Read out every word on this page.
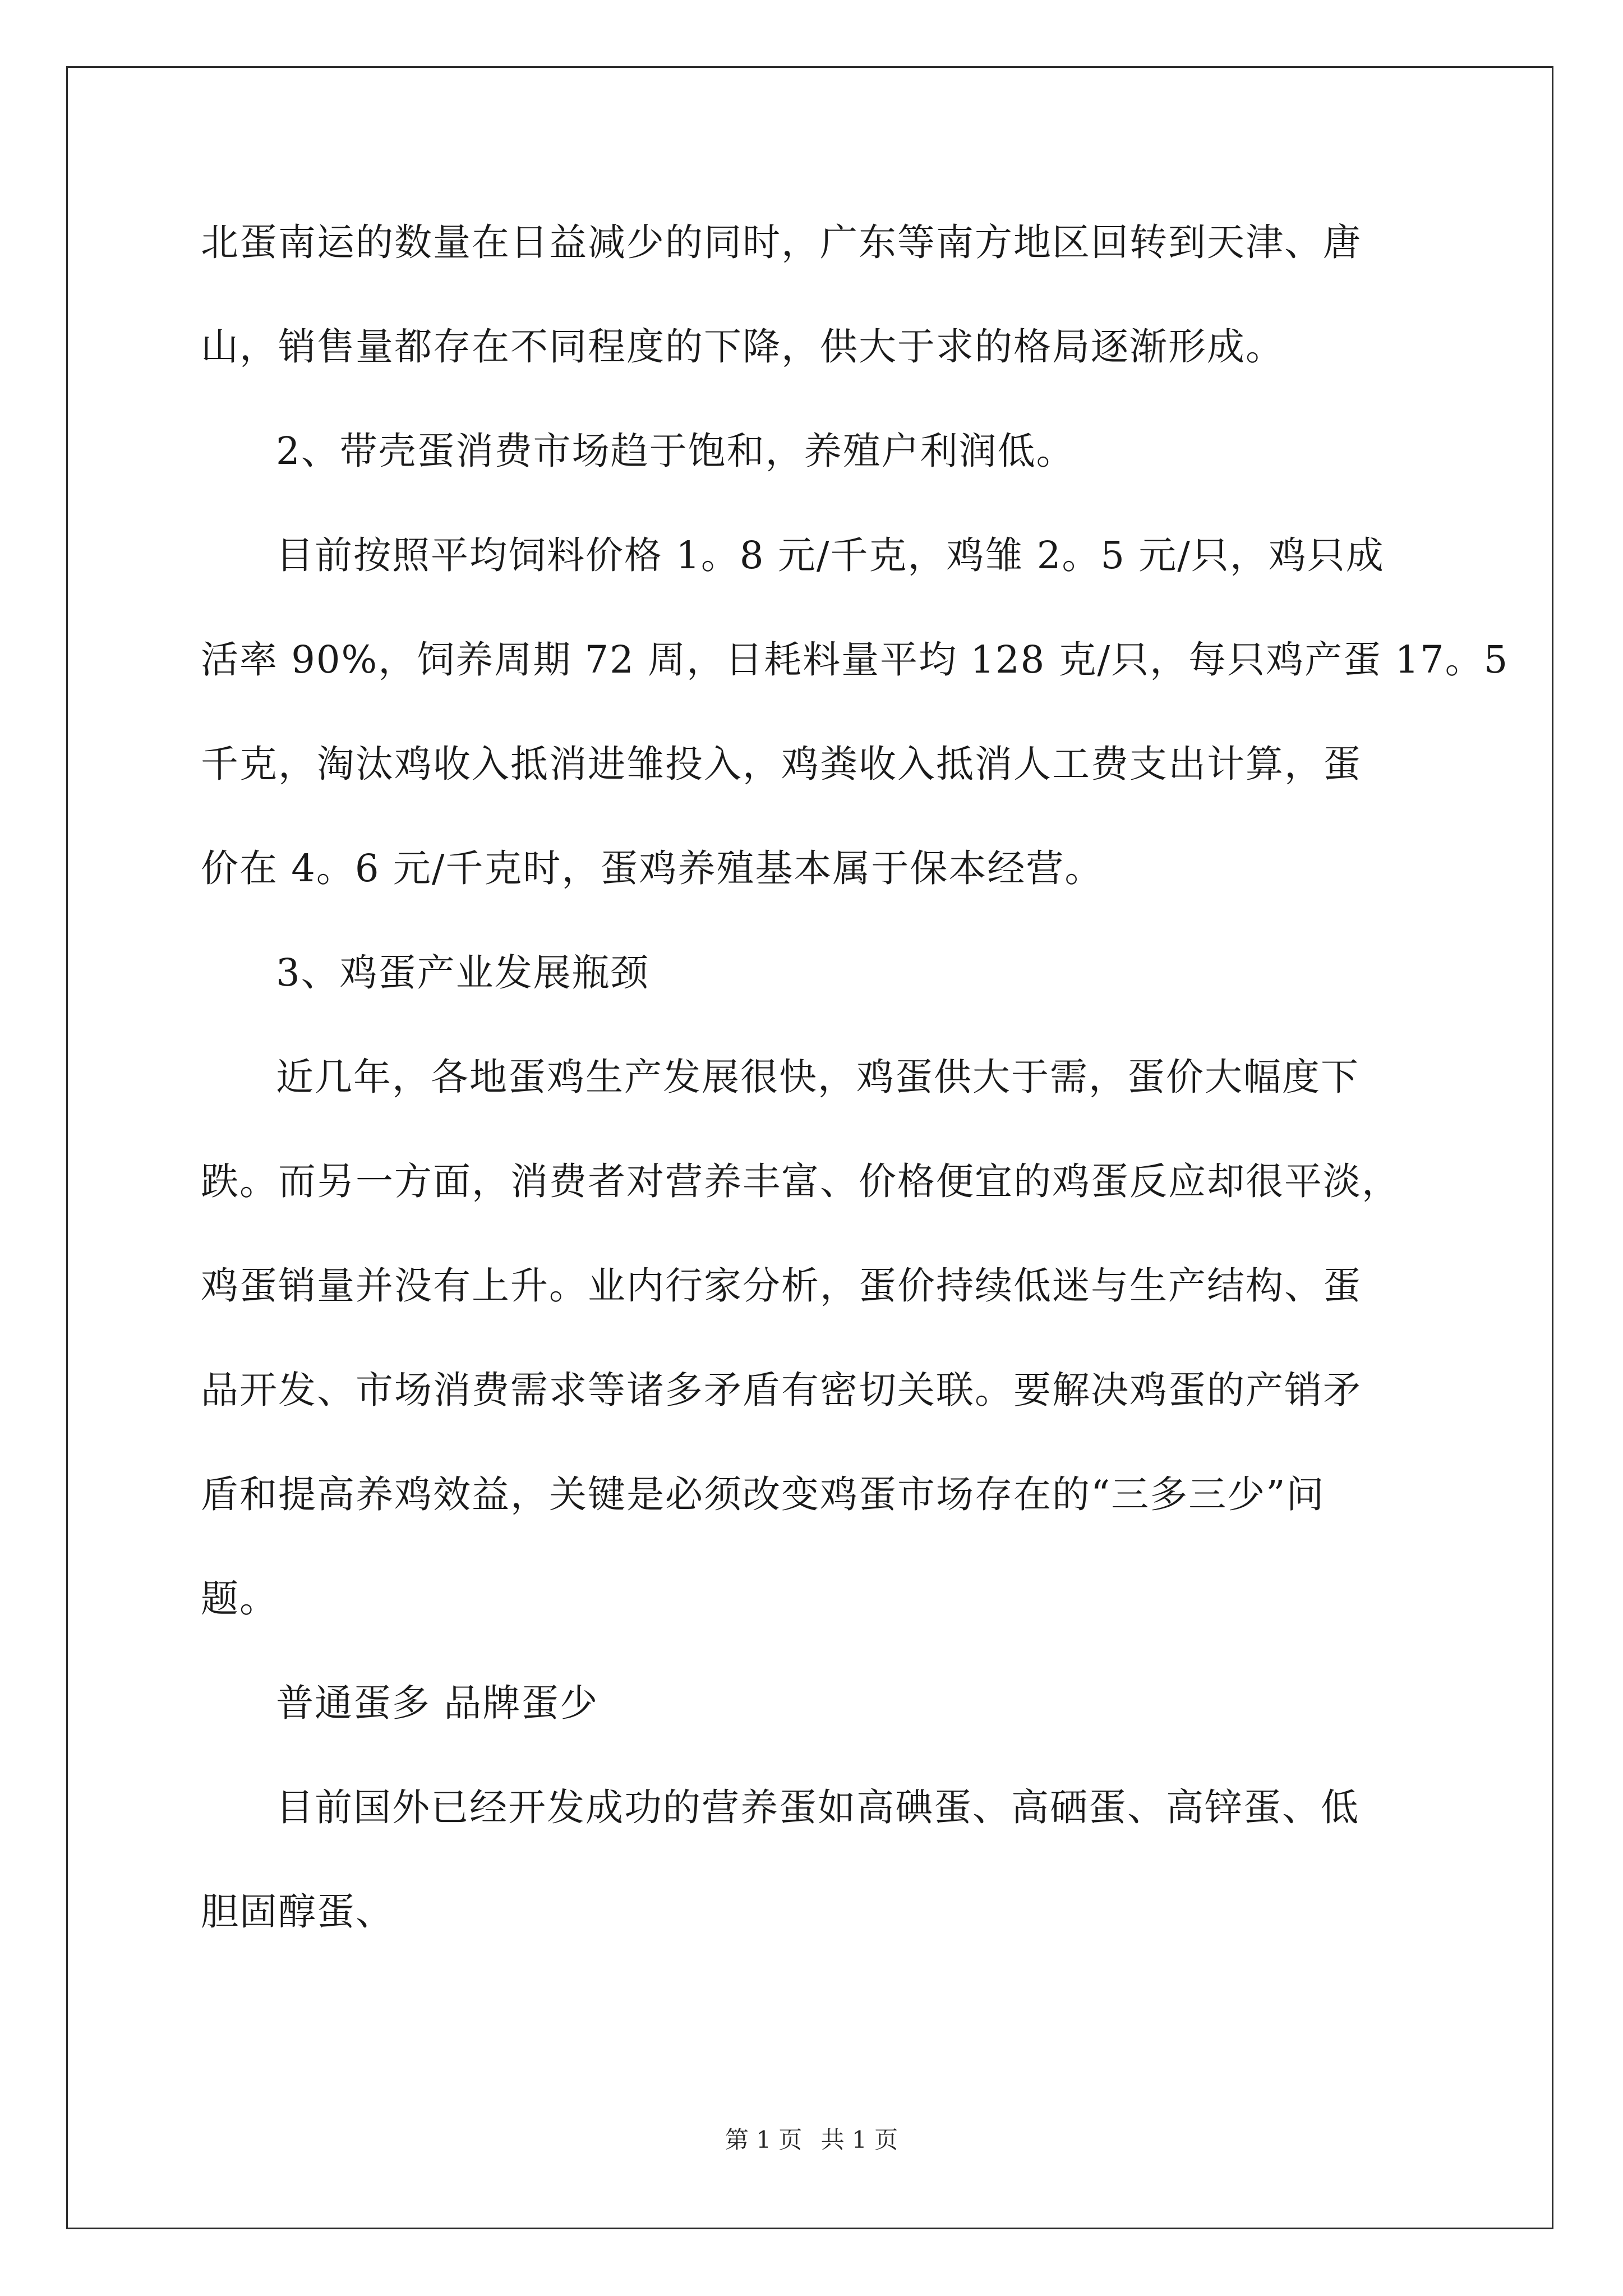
北蛋南运的数量在日益减少的同时，广东等南方地区回转到天津、唐
山，销售量都存在不同程度的下降，供大于求的格局逐渐形成。
2、带壳蛋消费市场趋于饱和，养殖户利润低。
目前按照平均饲料价格 1。8 元/千克，鸡雏 2。5 元/只，鸡只成
活率 90%，饲养周期 72 周，日耗料量平均 128 克/只，每只鸡产蛋 17。5
千克，淘汰鸡收入抵消进雏投入，鸡粪收入抵消人工费支出计算，蛋
价在 4。6 元/千克时，蛋鸡养殖基本属于保本经营。
3、鸡蛋产业发展瓶颈
近几年，各地蛋鸡生产发展很快，鸡蛋供大于需，蛋价大幅度下
跌。而另一方面，消费者对营养丰富、价格便宜的鸡蛋反应却很平淡，
鸡蛋销量并没有上升。业内行家分析，蛋价持续低迷与生产结构、蛋
品开发、市场消费需求等诸多矛盾有密切关联。要解决鸡蛋的产销矛
盾和提高养鸡效益，关键是必须改变鸡蛋市场存在的“三多三少”问
题。
普通蛋多 品牌蛋少
目前国外已经开发成功的营养蛋如高碘蛋、高硒蛋、高锌蛋、低
胆固醇蛋、
第 1 页 共 1 页
